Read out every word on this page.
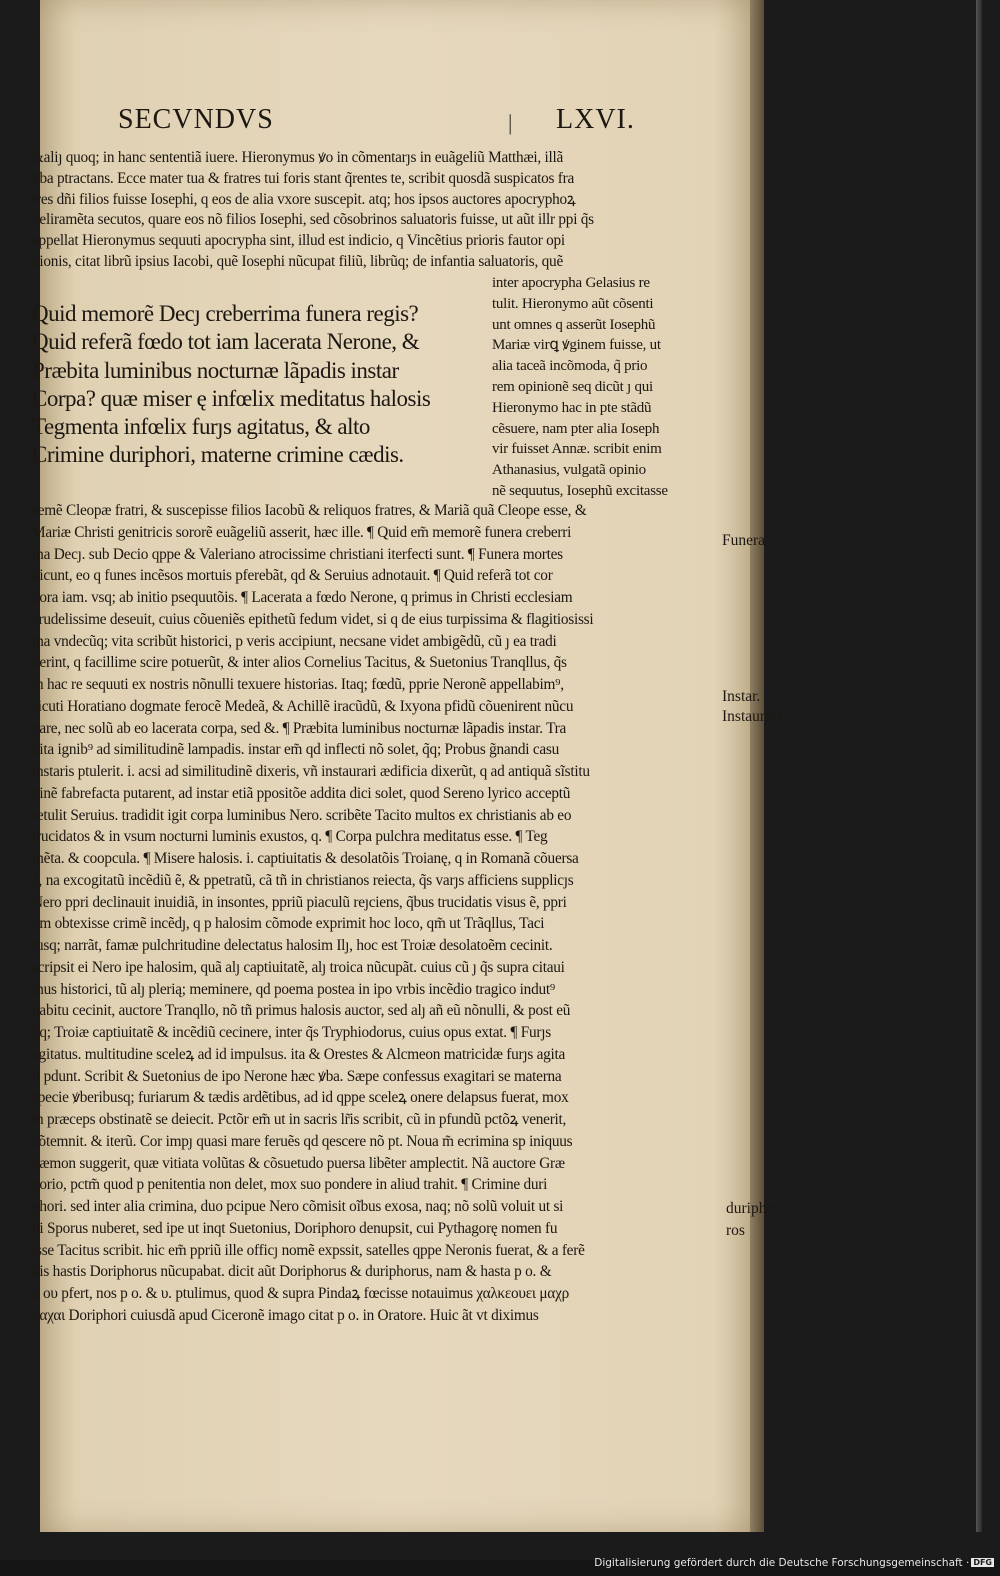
SECVNDVS	| LXVI.
&aliȷ quoq; in hanc sententiã iuere. Hieronymus ꝟo in cõmentarȷs in euãgeliũ Matthæi, illã
ꝟba ptractans. Ecce mater tua & fratres tui foris stant q̃rentes te, scribit quosdã suspicatos fra
tres dñi filios fuisse Iosephi, q eos de alia vxore suscepit. atq; hos ipsos auctores apocryphoꝝ
deliramẽta secutos, quare eos nõ filios Iosephi, sed cõsobrinos saluatoris fuisse, ut aũt illr ppi q̃s
appellat Hieronymus sequuti apocrypha sint, illud est indicio, q Vincẽtius prioris fautor opi
nionis, citat librũ ipsius Iacobi, quẽ Iosephi nũcupat filiũ, librũq; de infantia saluatoris, quẽ
Quid memorẽ Decȷ creberrima funera regis?
Quid referã fœdo tot iam lacerata Nerone, &
Præbita luminibus nocturnæ lãpadis instar
Corpa? quæ miser ę infœlix meditatus halosis
Tegmenta infœlix furȷs agitatus, & alto
Crimine duriphori, materne crimine cædis.
inter apocrypha Gelasius re
tulit. Hieronymo aũt cõsenti
unt omnes q asserũt Iosephũ
Mariæ virꝗ ꝟginem fuisse, ut
alia taceã incõmoda, q̃ prio
rem opinionẽ seq dicũt ȷ qui
Hieronymo hac in pte stãdũ
cẽsuere, nam pter alia Ioseph
vir fuisset Annæ. scribit enim
Athanasius, vulgatã opinio
nẽ sequutus, Iosephũ excitasse
semẽ Cleopæ fratri, & suscepisse filios Iacobũ & reliquos fratres, & Mariã quã Cleope esse, &
Mariæ Christi genitricis sororẽ euãgeliũ asserit, hæc ille. ¶ Quid em̃ memorẽ funera creberri
ma Decȷ. sub Decio qppe & Valeriano atrocissime christiani iterfecti sunt. ¶ Funera mortes
dicunt, eo q funes incẽsos mortuis pferebãt, qd & Seruius adnotauit. ¶ Quid referã tot cor
pora iam. vsq; ab initio psequutõis. ¶ Lacerata a fœdo Nerone, q primus in Christi ecclesiam
crudelissime deseuit, cuius cõueniẽs epithetũ fedum videt, si q de eius turpissima & flagitiosissi
ma vndecũq; vita scribũt historici, p veris accipiunt, necsane videt ambigẽdũ, cũ ȷ ea tradi
derint, q facillime scire potuerũt, & inter alios Cornelius Tacitus, & Suetonius Tranqllus, q̃s
in hac re sequuti ex nostris nõnulli texuere historias. Itaq; fœdũ, pprie Neronẽ appellabim⁹,
sicuti Horatiano dogmate ferocẽ Medeã, & Achillẽ iracũdũ, & Ixyona pfidũ cõuenirent nũcu
pare, nec solũ ab eo lacerata corpa, sed &. ¶ Præbita luminibus nocturnæ lãpadis instar. Tra
dita ignib⁹ ad similitudinẽ lampadis. instar em̃ qd inflecti nõ solet, q̃q; Probus g̃nandi casu
instaris ptulerit. i. acsi ad similitudinẽ dixeris, vñ instaurari ædificia dixerũt, q ad antiquã sĩstitu
dinẽ fabrefacta putarent, ad instar etiã ppositõe addita dici solet, quod Sereno lyrico acceptũ
retulit Seruius. tradidit igit corpa luminibus Nero. scribẽte Tacito multos ex christianis ab eo
trucidatos & in vsum nocturni luminis exustos, q. ¶ Corpa pulchra meditatus esse. ¶ Teg
mẽta. & coopcula. ¶ Misere halosis. i. captiuitatis & desolatõis Troianę, q in Romanã cõuersa
ẽ, na excogitatũ incẽdiũ ẽ, & ppetratũ, cã tñ in christianos reiecta, q̃s varȷs afficiens supplicȷs
Nero ppri declinauit inuidiã, in insontes, ppriũ piaculũ reȷciens, q̃bus trucidatis visus ẽ, ppri
um obtexisse crimẽ incẽdȷ, q p halosim cõmode exprimit hoc loco, qm̃ ut Trãqllus, Taci
tusq; narrãt, famæ pulchritudine delectatus halosim Ilȷ, hoc est Troiæ desolatoẽm cecinit.
scripsit ei Nero ipe halosim, quã alȷ captiuitatẽ, alȷ troica nũcupãt. cuius cũ ȷ q̃s supra citaui
mus historici, tũ alȷ plerią; meminere, qd poema postea in ipo vrbis incẽdio tragico indut⁹
habitu cecinit, auctore Tranqllo, nõ tñ primus halosis auctor, sed alȷ añ eũ nõnulli, & post eũ
q̃q; Troiæ captiuitatẽ & incẽdiũ cecinere, inter q̃s Tryphiodorus, cuius opus extat. ¶ Furȷs
agitatus. multitudine sceleꝝ ad id impulsus. ita & Orestes & Alcmeon matricidæ furȷs agita
ti pdunt. Scribit & Suetonius de ipo Nerone hæc ꝟba. Sæpe confessus exagitari se materna
specie ꝟberibusq; furiarum & tædis ardẽtibus, ad id qppe sceleꝝ onere delapsus fuerat, mox
in præceps obstinatẽ se deiecit. Pctõr em̃ ut in sacris lr̃is scribit, cũ in pfundũ pctõꝝ venerit,
cõtemnit. & iterũ. Cor impȷ quasi mare feruẽs qd qescere nõ pt. Noua m̃ ecrimina sp iniquus
dæmon suggerit, quæ vitiata volũtas & cõsuetudo puersa libẽter amplectit. Nã auctore Græ
gorio, pctm̃ quod p penitentia non delet, mox suo pondere in aliud trahit. ¶ Crimine duri
phori. sed inter alia crimina, duo pcipue Nero cõmisit oĩbus exosa, naq; nõ solũ voluit ut si
bi Sporus nuberet, sed ipe ut inqt Suetonius, Doriphoro denupsit, cui Pythagorę nomen fu
isse Tacitus scribit. hic em̃ ppriũ ille officȷ nomẽ expssit, satelles qppe Neronis fuerat, & a ferẽ
dis hastis Doriphorus nũcupabat. dicit aũt Doriphorus & duriphorus, nam & hasta p o. &
p ου pfert, nos p o. & υ. ptulimus, quod & supra Pindaꝝ fœcisse notauimus χαλκεουει μαχρ
ραχαι Doriphori cuiusdã apud Ciceronẽ imago citat p o. in Oratore. Huic ãt vt diximus
Funera
Instar.
Instaurari
duripho
ros
Digitalisierung gefördert durch die Deutsche Forschungsgemeinschaft · DFG
